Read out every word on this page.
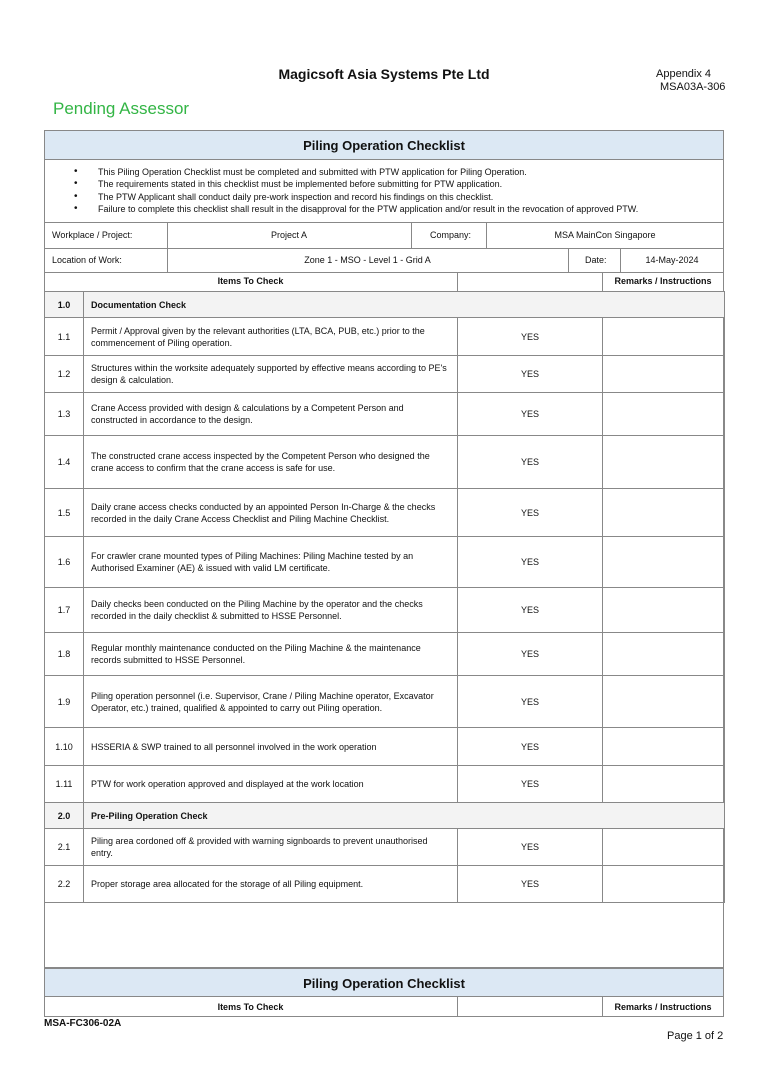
Magicsoft Asia Systems Pte Ltd	Appendix 4
MSA03A-306
Pending Assessor
Piling Operation Checklist
• This Piling Operation Checklist must be completed and submitted with PTW application for Piling Operation.
• The requirements stated in this checklist must be implemented before submitting for PTW application.
• The PTW Applicant shall conduct daily pre-work inspection and record his findings on this checklist.
• Failure to complete this checklist shall result in the disapproval for the PTW application and/or result in the revocation of approved PTW.
Workplace / Project:	Project A	Company:	MSA MainCon Singapore
Location of Work:	Zone 1 - MSO - Level 1 - Grid A	Date:	14-May-2024
Items To Check	Remarks / Instructions
1.0	Documentation Check		
1.1	Permit / Approval given by the relevant authorities (LTA, BCA, PUB, etc.) prior to the commencement of Piling operation.	YES	
1.2	Structures within the worksite adequately supported by effective means according to PE's design & calculation.	YES	
1.3	Crane Access provided with design & calculations by a Competent Person and constructed in accordance to the design.	YES	
1.4	The constructed crane access inspected by the Competent Person who designed the crane access to confirm that the crane access is safe for use.	YES	
1.5	Daily crane access checks conducted by an appointed Person In-Charge & the checks recorded in the daily Crane Access Checklist and Piling Machine Checklist.	YES	
1.6	For crawler crane mounted types of Piling Machines: Piling Machine tested by an Authorised Examiner (AE) & issued with valid LM certificate.	YES	
1.7	Daily checks been conducted on the Piling Machine by the operator and the checks recorded in the daily checklist & submitted to HSSE Personnel.	YES	
1.8	Regular monthly maintenance conducted on the Piling Machine & the maintenance records submitted to HSSE Personnel.	YES	
1.9	Piling operation personnel (i.e. Supervisor, Crane / Piling Machine operator, Excavator Operator, etc.) trained, qualified & appointed to carry out Piling operation.	YES	
1.10	HSSERIA & SWP trained to all personnel involved in the work operation	YES	
1.11	PTW for work operation approved and displayed at the work location	YES	
2.0	Pre-Piling Operation Check		
2.1	Piling area cordoned off & provided with warning signboards to prevent unauthorised entry.	YES	
2.2	Proper storage area allocated for the storage of all Piling equipment.	YES	
Piling Operation Checklist
Items To Check	Remarks / Instructions
MSA-FC306-02A
Page 1 of 2
